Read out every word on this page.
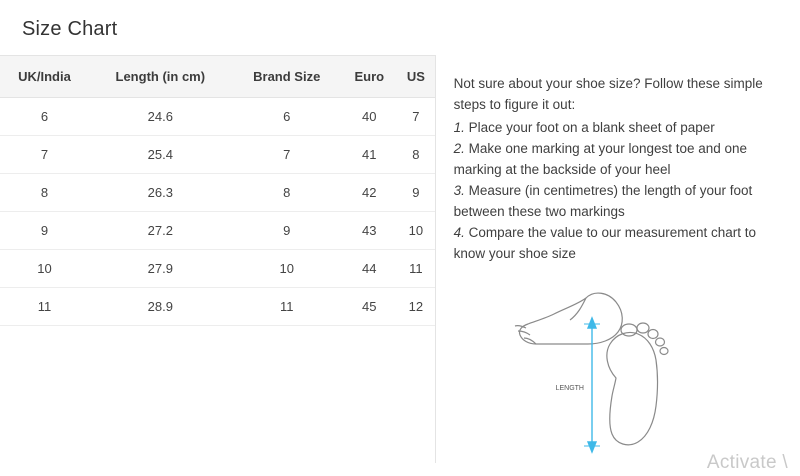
Size Chart
UK/India	Length (in cm)	Brand Size	Euro	US
6	24.6	6	40	7
7	25.4	7	41	8
8	26.3	8	42	9
9	27.2	9	43	10
10	27.9	10	44	11
11	28.9	11	45	12

Not sure about your shoe size? Follow these simple steps to figure it out:

1. Place your foot on a blank sheet of paper
2. Make one marking at your longest toe and one marking at the backside of your heel
3. Measure (in centimetres) the length of your foot between these two markings
4. Compare the value to our measurement chart to know your shoe size
LENGTH
Activate \
